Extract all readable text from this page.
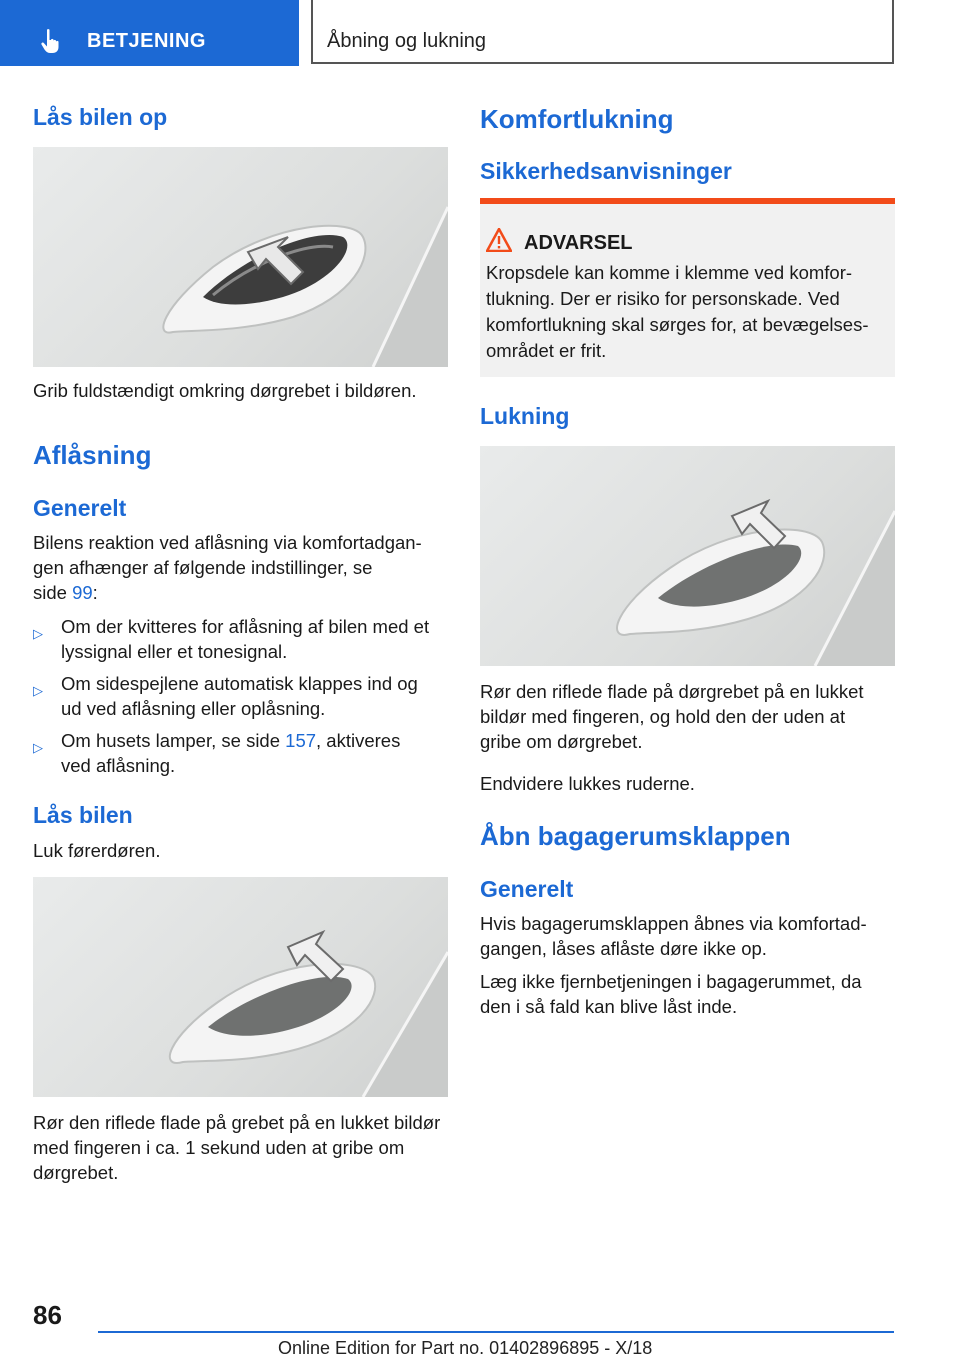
BETJENING	Åbning og lukning
Lås bilen op
Grib fuldstændigt omkring dørgrebet i bildøren.
Aflåsning
Generelt
Bilens reaktion ved aflåsning via komfortadgan-
gen afhænger af følgende indstillinger, se
side 99:
▷ Om der kvitteres for aflåsning af bilen med et
lyssignal eller et tonesignal.
▷ Om sidespejlene automatisk klappes ind og
ud ved aflåsning eller oplåsning.
▷ Om husets lamper, se side 157, aktiveres
ved aflåsning.
Lås bilen
Luk førerdøren.
Rør den riflede flade på grebet på en lukket bildør
med fingeren i ca. 1 sekund uden at gribe om
dørgrebet.
Komfortlukning
Sikkerhedsanvisninger
ADVARSEL
Kropsdele kan komme i klemme ved komfor-
tlukning. Der er risiko for personskade. Ved
komfortlukning skal sørges for, at bevægelses-
området er frit.
Lukning
Rør den riflede flade på dørgrebet på en lukket
bildør med fingeren, og hold den der uden at
gribe om dørgrebet.
Endvidere lukkes ruderne.
Åbn bagagerumsklappen
Generelt
Hvis bagagerumsklappen åbnes via komfortad-
gangen, låses aflåste døre ikke op.
Læg ikke fjernbetjeningen i bagagerummet, da
den i så fald kan blive låst inde.
86
Online Edition for Part no. 01402896895 - X/18
